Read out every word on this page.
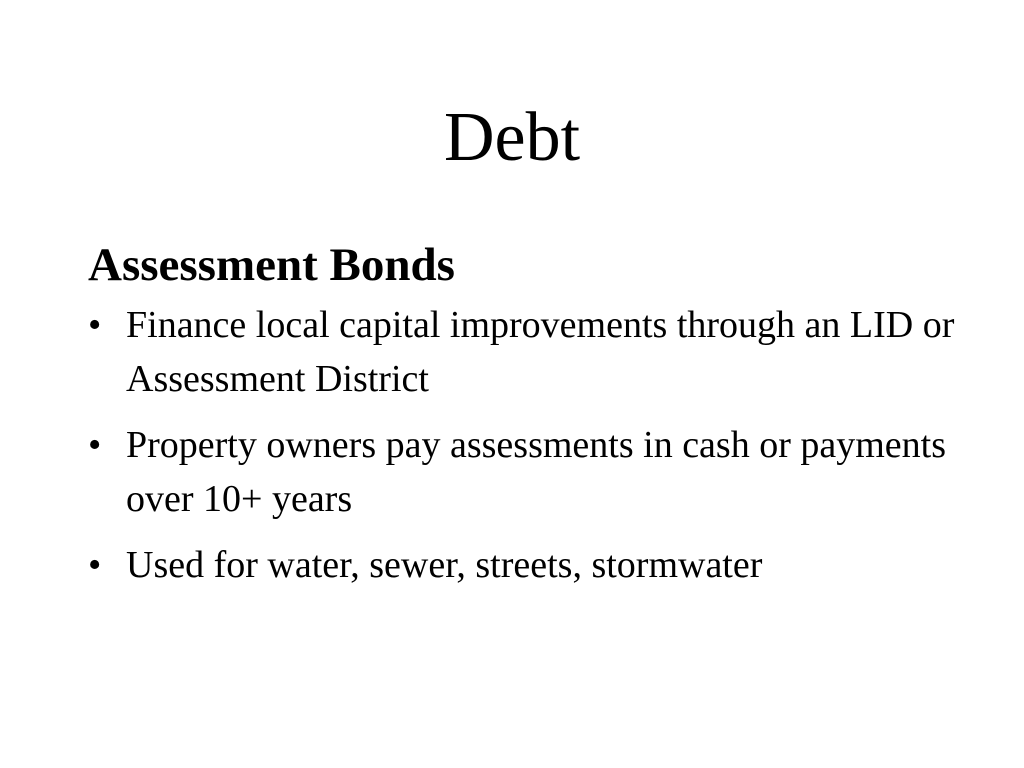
Debt
Assessment Bonds
• Finance local capital improvements through an LID or Assessment District
• Property owners pay assessments in cash or payments over 10+ years
• Used for water, sewer, streets, stormwater
